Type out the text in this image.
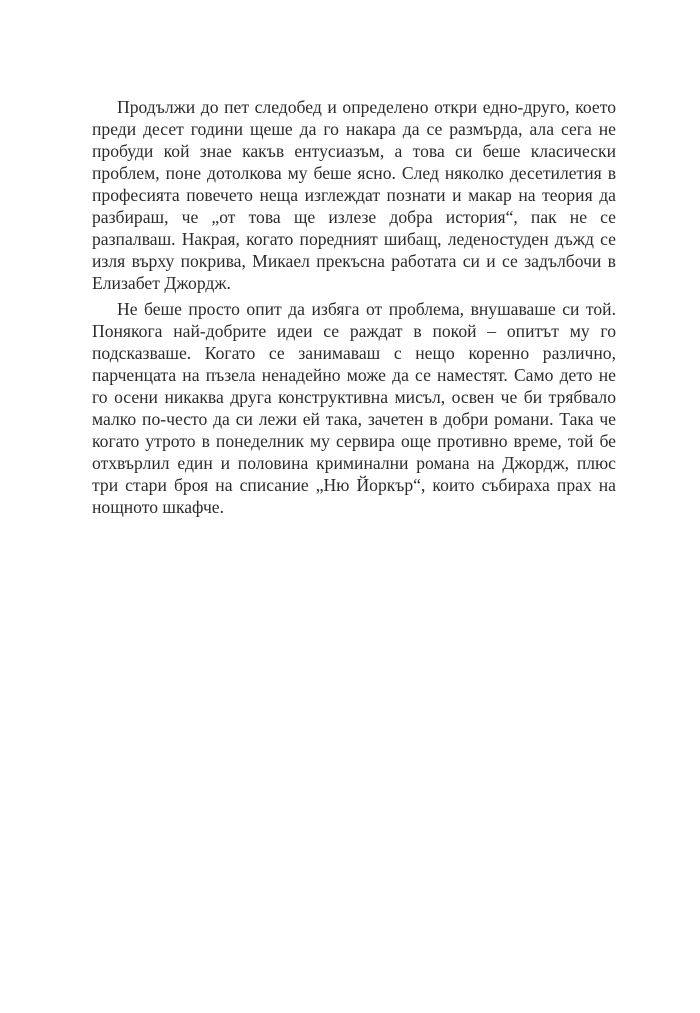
Продължи до пет следобед и определено откри едно-друго, което преди десет години щеше да го накара да се размърда, ала сега не пробуди кой знае какъв ентусиазъм, а това си беше класически проблем, поне дотолкова му беше ясно. След няколко десетилетия в професията повечето неща изглеждат познати и макар на теория да разбираш, че „от това ще излезе добра история“, пак не се разпалваш. Накрая, когато поредният шибащ, леденостуден дъжд се изля върху покрива, Микаел прекъсна работата си и се задълбочи в Елизабет Джордж.

Не беше просто опит да избяга от проблема, внушаваше си той. Понякога най-добрите идеи се раждат в покой – опитът му го подсказваше. Когато се занимаваш с нещо коренно различно, парченцата на пъзела ненадейно може да се наместят. Само дето не го осени никаква друга конструктивна мисъл, освен че би трябвало малко по-често да си лежи ей така, зачетен в добри романи. Така че когато утрото в понеделник му сервира още противно време, той бе отхвърлил един и половина криминални романа на Джордж, плюс три стари броя на списание „Ню Йоркър“, които събираха прах на нощното шкафче.
